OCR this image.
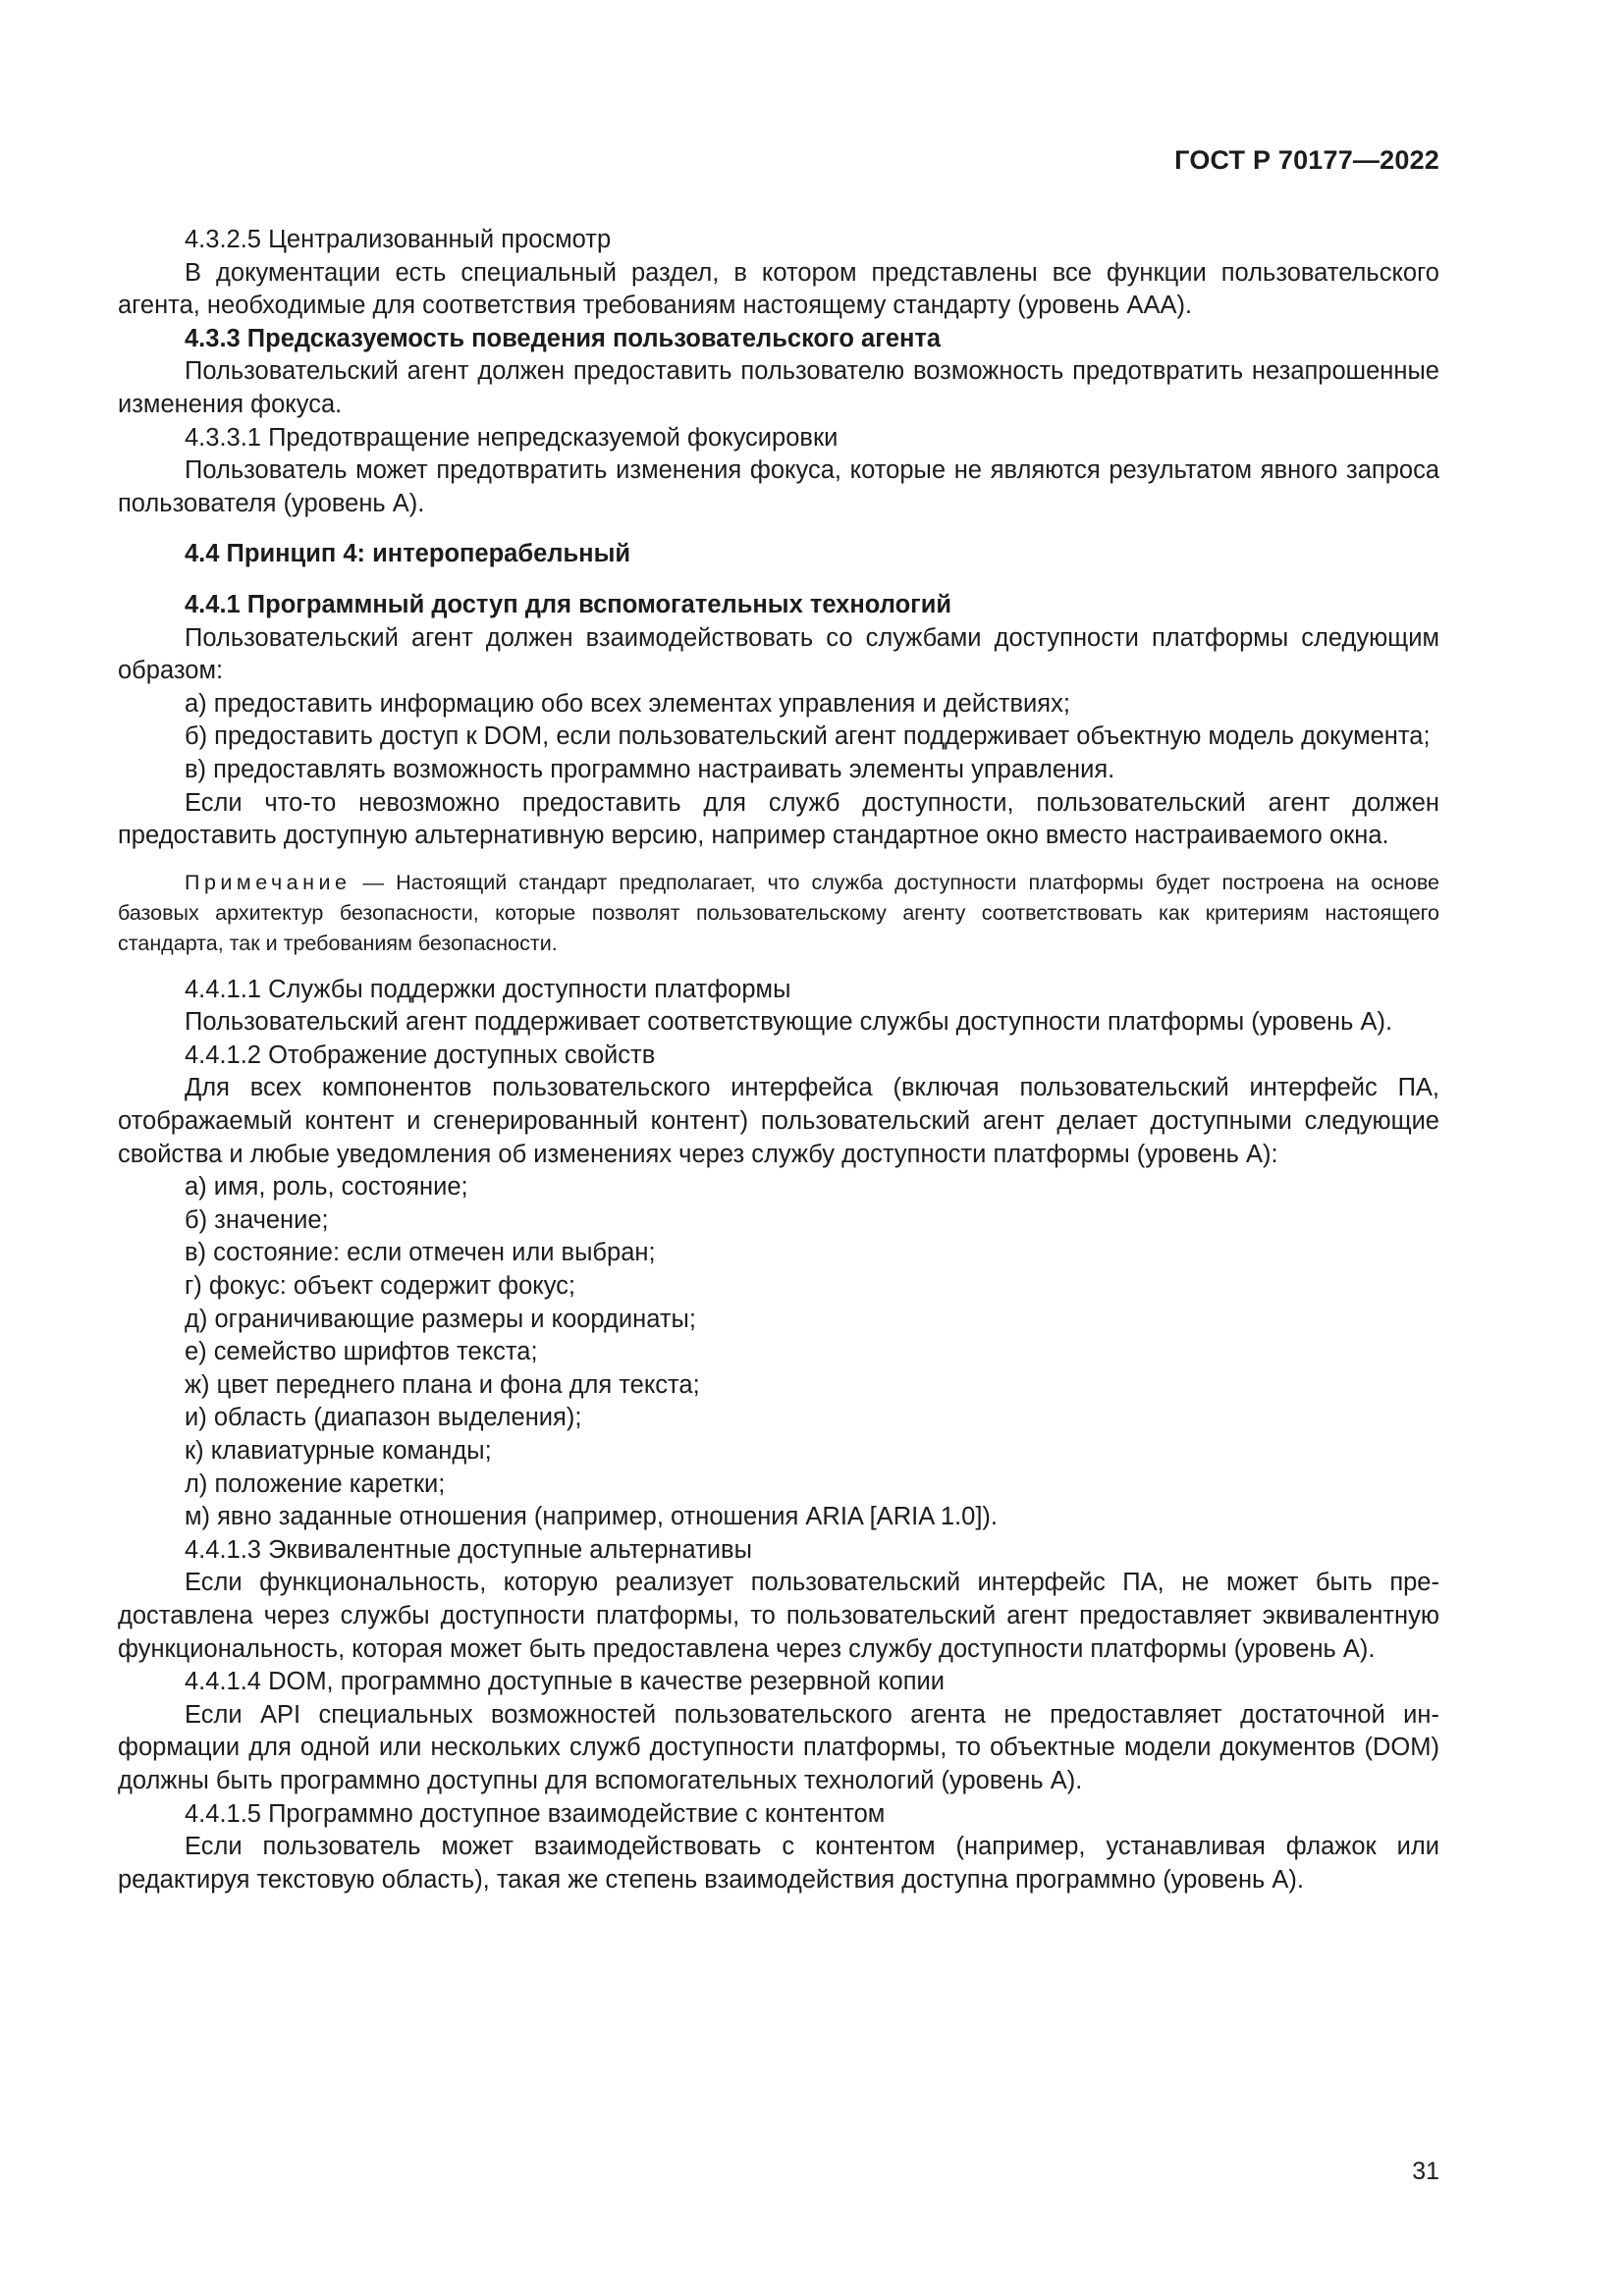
ГОСТ Р 70177—2022

4.3.2.5 Централизованный просмотр

В документации есть специальный раздел, в котором представлены все функции пользовательского агента, необходимые для соответствия требованиям настоящему стандарту (уровень ААА).

4.3.3 Предсказуемость поведения пользовательского агента

Пользовательский агент должен предоставить пользователю возможность предотвратить незапрошенные изменения фокуса.

4.3.3.1 Предотвращение непредсказуемой фокусировки

Пользователь может предотвратить изменения фокуса, которые не являются результатом явного запроса пользователя (уровень А).

4.4 Принцип 4: интероперабельный

4.4.1 Программный доступ для вспомогательных технологий

Пользовательский агент должен взаимодействовать со службами доступности платформы следующим образом:

а) предоставить информацию обо всех элементах управления и действиях;

б) предоставить доступ к DOM, если пользовательский агент поддерживает объектную модель документа;

в) предоставлять возможность программно настраивать элементы управления.

Если что-то невозможно предоставить для служб доступности, пользовательский агент должен предоставить доступную альтернативную версию, например стандартное окно вместо настраиваемого окна.

Примечание — Настоящий стандарт предполагает, что служба доступности платформы будет построена на основе базовых архитектур безопасности, которые позволят пользовательскому агенту соответствовать как критериям настоящего стандарта, так и требованиям безопасности.

4.4.1.1 Службы поддержки доступности платформы

Пользовательский агент поддерживает соответствующие службы доступности платформы (уровень А).

4.4.1.2 Отображение доступных свойств

Для всех компонентов пользовательского интерфейса (включая пользовательский интерфейс ПА, отображаемый контент и сгенерированный контент) пользовательский агент делает доступными следующие свойства и любые уведомления об изменениях через службу доступности платформы (уровень А):

а) имя, роль, состояние;

б) значение;

в) состояние: если отмечен или выбран;

г) фокус: объект содержит фокус;

д) ограничивающие размеры и координаты;

е) семейство шрифтов текста;

ж) цвет переднего плана и фона для текста;

и) область (диапазон выделения);

к) клавиатурные команды;

л) положение каретки;

м) явно заданные отношения (например, отношения ARIA [ARIA 1.0]).

4.4.1.3 Эквивалентные доступные альтернативы

Если функциональность, которую реализует пользовательский интерфейс ПА, не может быть предоставлена через службы доступности платформы, то пользовательский агент предоставляет эквивалентную функциональность, которая может быть предоставлена через службу доступности платформы (уровень А).

4.4.1.4 DOM, программно доступные в качестве резервной копии

Если API специальных возможностей пользовательского агента не предоставляет достаточной информации для одной или нескольких служб доступности платформы, то объектные модели документов (DOM) должны быть программно доступны для вспомогательных технологий (уровень А).

4.4.1.5 Программно доступное взаимодействие с контентом

Если пользователь может взаимодействовать с контентом (например, устанавливая флажок или редактируя текстовую область), такая же степень взаимодействия доступна программно (уровень А).

31
